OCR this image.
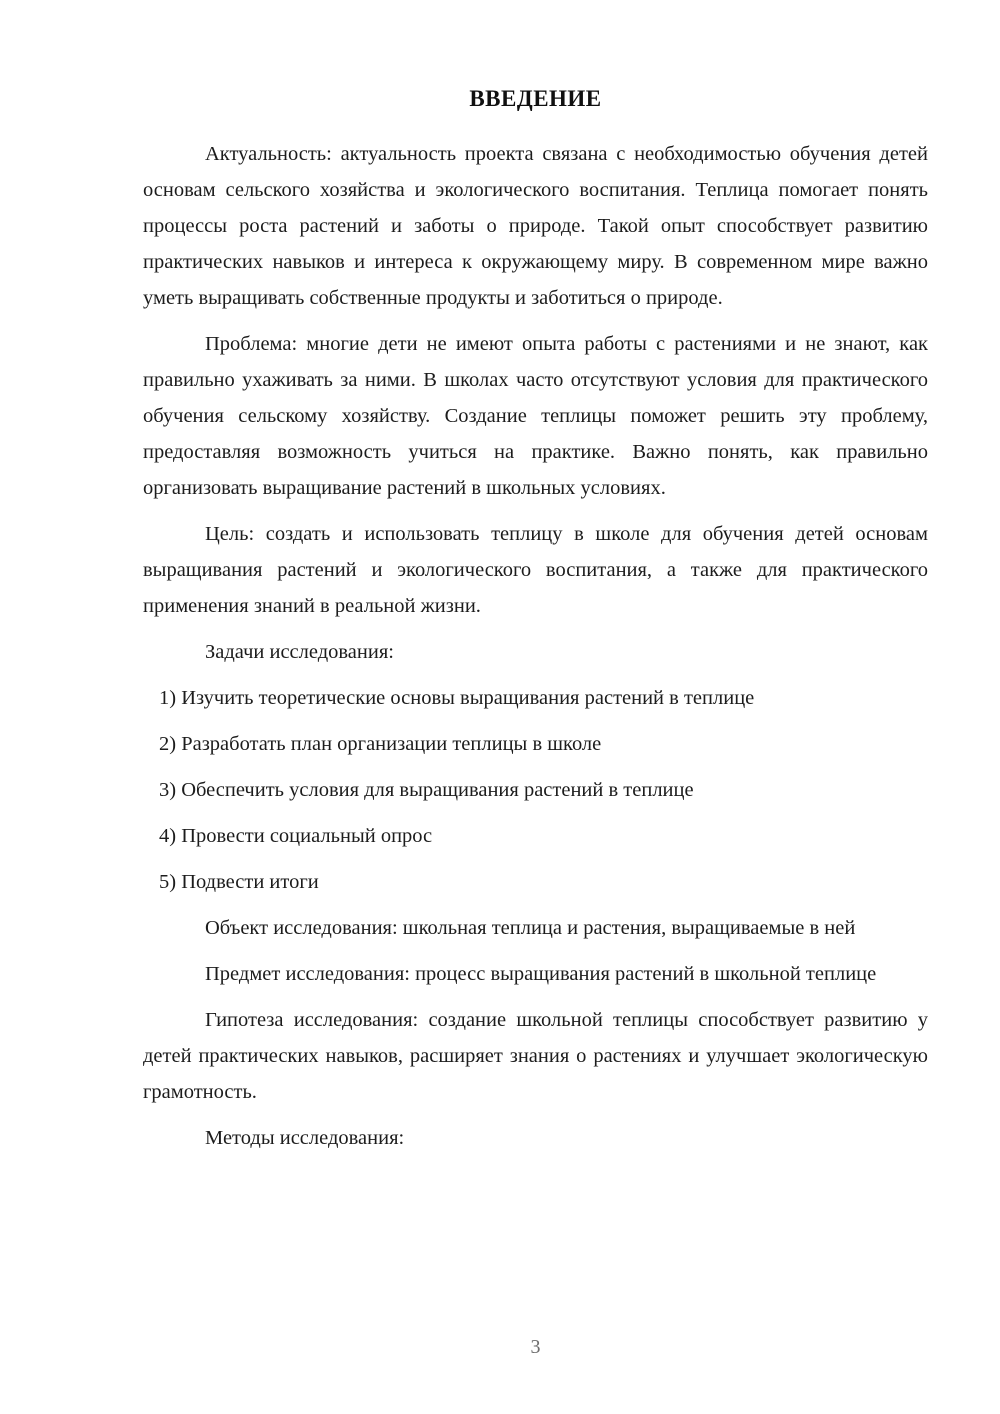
ВВЕДЕНИЕ

Актуальность: актуальность проекта связана с необходимостью обучения детей основам сельского хозяйства и экологического воспитания. Теплица помогает понять процессы роста растений и заботы о природе. Такой опыт способствует развитию практических навыков и интереса к окружающему миру. В современном мире важно уметь выращивать собственные продукты и заботиться о природе.

Проблема: многие дети не имеют опыта работы с растениями и не знают, как правильно ухаживать за ними. В школах часто отсутствуют условия для практического обучения сельскому хозяйству. Создание теплицы поможет решить эту проблему, предоставляя возможность учиться на практике. Важно понять, как правильно организовать выращивание растений в школьных условиях.

Цель: создать и использовать теплицу в школе для обучения детей основам выращивания растений и экологического воспитания, а также для практического применения знаний в реальной жизни.

Задачи исследования:

1) Изучить теоретические основы выращивания растений в теплице

2) Разработать план организации теплицы в школе

3) Обеспечить условия для выращивания растений в теплице

4) Провести социальный опрос

5) Подвести итоги

Объект исследования: школьная теплица и растения, выращиваемые в ней

Предмет исследования: процесс выращивания растений в школьной теплице

Гипотеза исследования: создание школьной теплицы способствует развитию у детей практических навыков, расширяет знания о растениях и улучшает экологическую грамотность.

Методы исследования:

3
